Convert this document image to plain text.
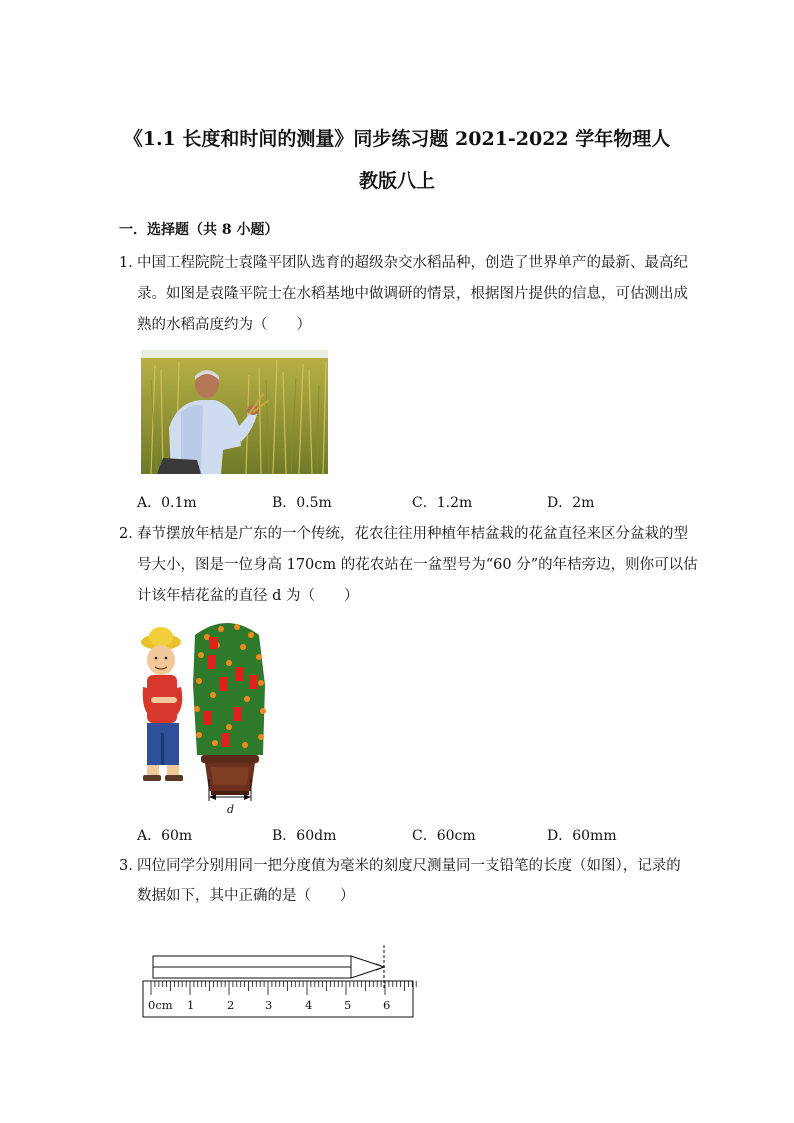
《1.1 长度和时间的测量》同步练习题 2021-2022 学年物理人
教版八上
一．选择题（共 8 小题）
1．
中国工程院院士袁隆平团队选育的超级杂交水稻品种，创造了世界单产的最新、最高纪
录。如图是袁隆平院士在水稻基地中做调研的情景，根据图片提供的信息，可估测出成
熟的水稻高度约为（　　）
A．0.1m	B．0.5m	C．1.2m	D．2m
2．
春节摆放年桔是广东的一个传统，花农往往用种植年桔盆栽的花盆直径来区分盆栽的型
号大小，图是一位身高 170cm 的花农站在一盆型号为“60 分”的年桔旁边，则你可以估
计该年桔花盆的直径 d 为（　　）
d
A．60m	B．60dm	C．60cm	D．60mm
3．
四位同学分别用同一把分度值为毫米的刻度尺测量同一支铅笔的长度（如图），记录的
数据如下，其中正确的是（　　）
0cm 1	2	3	4	5	6
